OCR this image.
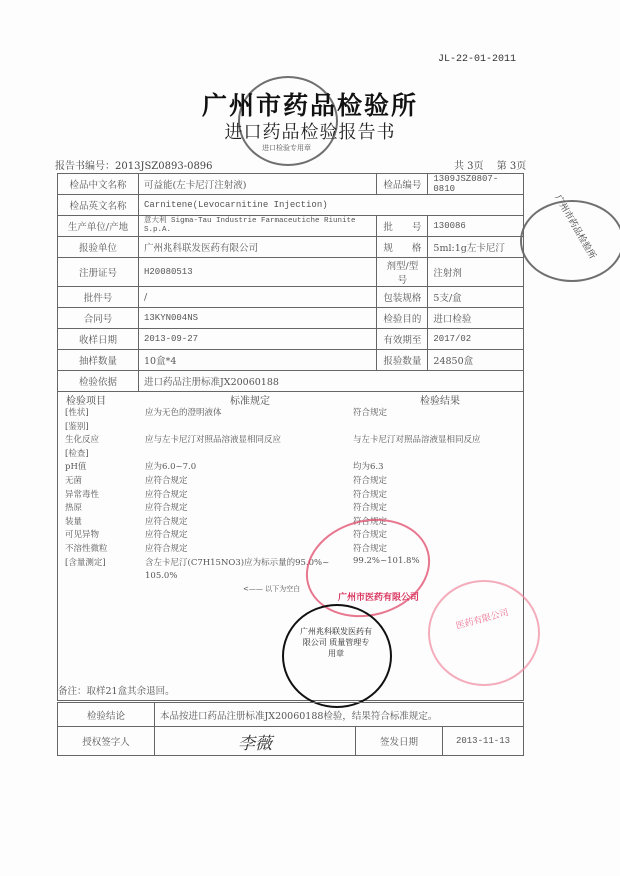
JL-22-01-2011
进口检验专用章
广州市药品检验所
进口药品检验报告书
报告书编号：2013JSZ0893-0896	共 3页　 第 3页
广州市药品检验所
检品中文名称	可益能(左卡尼汀注射液)	检品编号	1309JSZ0807-0810
检品英文名称	Carnitene(Levocarnitine Injection)		
生产单位/产地	意大利 Sigma-Tau Industrie Farmaceutiche Riunite S.p.A.	批　　号	130086
报验单位	广州兆科联发医药有限公司	规　　格	5ml:1g左卡尼汀
注册证号	H20080513	剂型/型号	注射剂
批件号	/	包装规格	5支/盒
合同号	13KYN004NS	检验目的	进口检验
收样日期	2013-09-27	有效期至	2017/02
抽样数量	10盒*4	报验数量	24850盒
检验依据	进口药品注册标准JX20060188		
检验项目	标准规定	检验结果
[性状]	应为无色的澄明液体	符合规定
[鉴别]
生化反应	应与左卡尼汀对照品溶液显相同反应	与左卡尼汀对照品溶液显相同反应
[检查]
pH值	应为6.0~7.0	均为6.3
无菌	应符合规定	符合规定
异常毒性	应符合规定	符合规定
热原	应符合规定	符合规定
装量	应符合规定	符合规定
可见异物	应符合规定	符合规定
不溶性微粒	应符合规定	符合规定
[含量测定]	含左卡尼汀(C7H15NO3)应为标示量的95.0%~	99.2%~101.8%
105.0%
<—— 以下为空白
广州市医药有限公司
广州兆科联发医药有限公司 质量管理专用章
医药有限公司
备注：取样21盒其余退回。
检验结论	本品按进口药品注册标准JX20060188检验，结果符合标准规定。		
授权签字人	李薇	签发日期	2013-11-13
